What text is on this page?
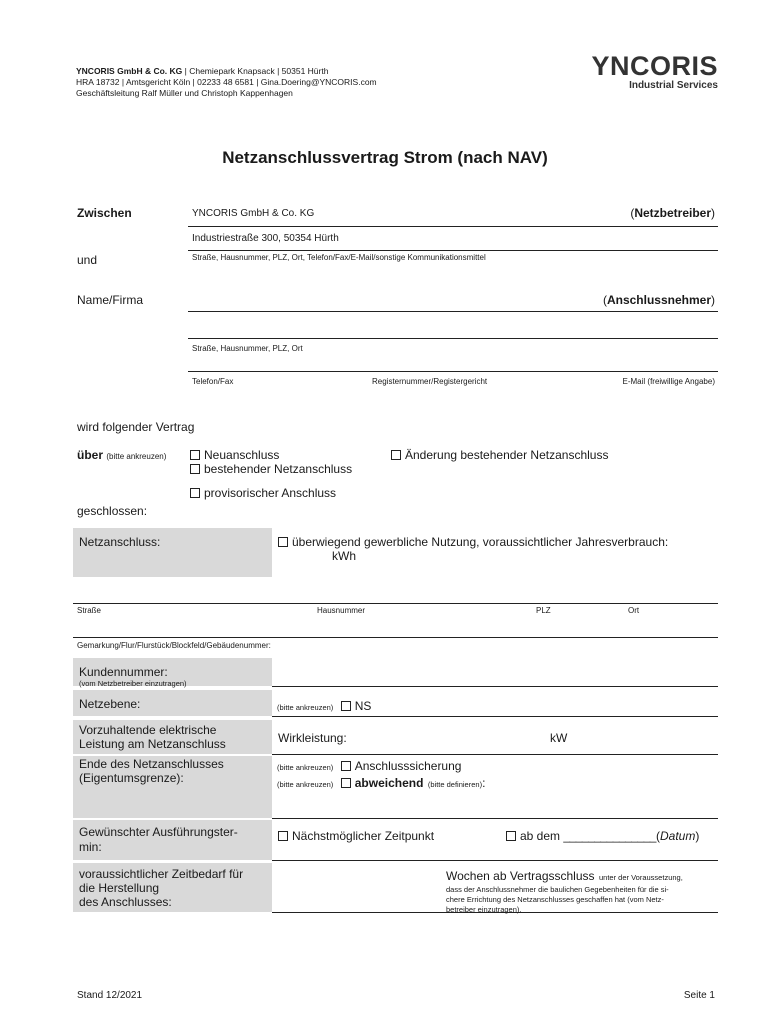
YNCORIS GmbH & Co. KG | Chemiepark Knapsack | 50351 Hürth
HRA 18732 | Amtsgericht Köln | 02233 48 6581 | Gina.Doering@YNCORIS.com
Geschäftsleitung Ralf Müller und Christoph Kappenhagen
YNCORIS
Industrial Services
Netzanschlussvertrag Strom (nach NAV)
Zwischen	YNCORIS GmbH & Co. KG	(Netzbetreiber)
Industriestraße 300, 50354 Hürth
und	Straße, Hausnummer, PLZ, Ort, Telefon/Fax/E-Mail/sonstige Kommunikationsmittel
Name/Firma	(Anschlussnehmer)
Straße, Hausnummer, PLZ, Ort
Telefon/Fax	Registernummer/Registergericht	E-Mail (freiwillige Angabe)
wird folgender Vertrag
über (bitte ankreuzen)	Neuanschluss
bestehender Netzanschluss
Änderung bestehender Netzanschluss
provisorischer Anschluss
geschlossen:
Netzanschluss:	überwiegend gewerbliche Nutzung, voraussichtlicher Jahresverbrauch:
kWh
Straße	Hausnummer	PLZ	Ort
Gemarkung/Flur/Flurstück/Blockfeld/Gebäudenummer:
Kundennummer:
(vom Netzbetreiber einzutragen)
Netzebene:	(bitte ankreuzen) NS
Vorzuhaltende elektrische
Leistung am Netzanschluss	Wirkleistung:	kW
Ende des Netzanschlusses
(Eigentumsgrenze):
(bitte ankreuzen) Anschlusssicherung
(bitte ankreuzen) abweichend (bitte definieren):
Gewünschter Ausführungster-
min:
Nächstmöglicher Zeitpunkt	ab dem _______________(Datum)
voraussichtlicher Zeitbedarf für
die Herstellung
des Anschlusses:
Wochen ab Vertragsschluss unter der Voraussetzung,
dass der Anschlussnehmer die baulichen Gegebenheiten für die si-
chere Errichtung des Netzanschlusses geschaffen hat (vom Netz-
betreiber einzutragen).
Stand 12/2021	Seite 1
